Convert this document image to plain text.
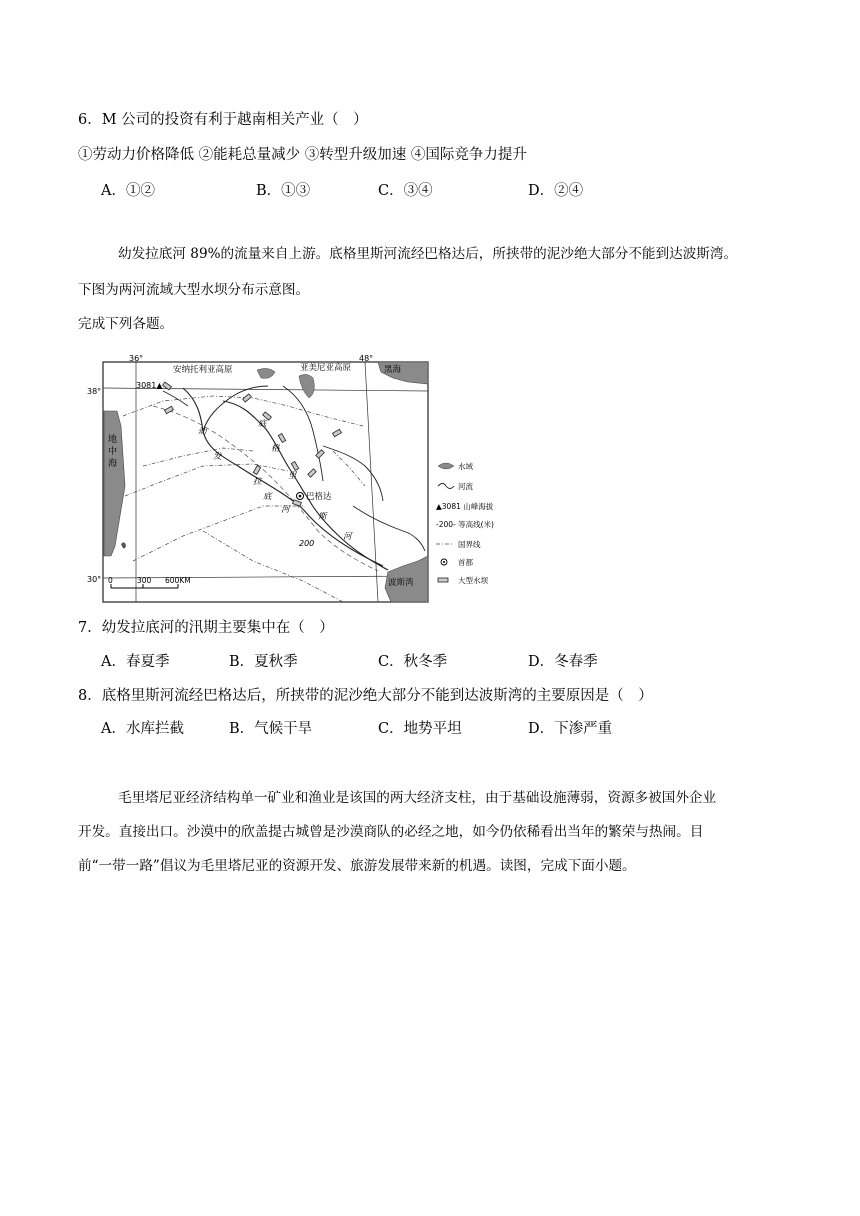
6．M 公司的投资有利于越南相关产业（　）
①劳动力价格降低 ②能耗总量减少 ③转型升级加速 ④国际竞争力提升
A．①②	B．①③	C．③④	D．②④
幼发拉底河 89%的流量来自上游。底格里斯河流经巴格达后，所挟带的泥沙绝大部分不能到达波斯湾。
下图为两河流域大型水坝分布示意图。
完成下列各题。
36°	48°
38°
30°
地
中
海
黑海
波斯湾
安纳托利亚高原	亚美尼亚高原
3081▲
200
幼
发
拉
底
河
底
格
里
斯
河
巴格达
0	300 600KM
水域
河流
▲3081 山峰海拔
-200- 等高线(米)
国界线
首都
大型水坝
7．幼发拉底河的汛期主要集中在（　）
A．春夏季	B．夏秋季	C．秋冬季	D．冬春季
8．底格里斯河流经巴格达后，所挟带的泥沙绝大部分不能到达波斯湾的主要原因是（　）
A．水库拦截	B．气候干旱	C．地势平坦	D．下渗严重
毛里塔尼亚经济结构单一矿业和渔业是该国的两大经济支柱，由于基础设施薄弱，资源多被国外企业
开发。直接出口。沙漠中的欣盖提古城曾是沙漠商队的必经之地，如今仍依稀看出当年的繁荣与热闹。目
前“一带一路”倡议为毛里塔尼亚的资源开发、旅游发展带来新的机遇。读图，完成下面小题。
